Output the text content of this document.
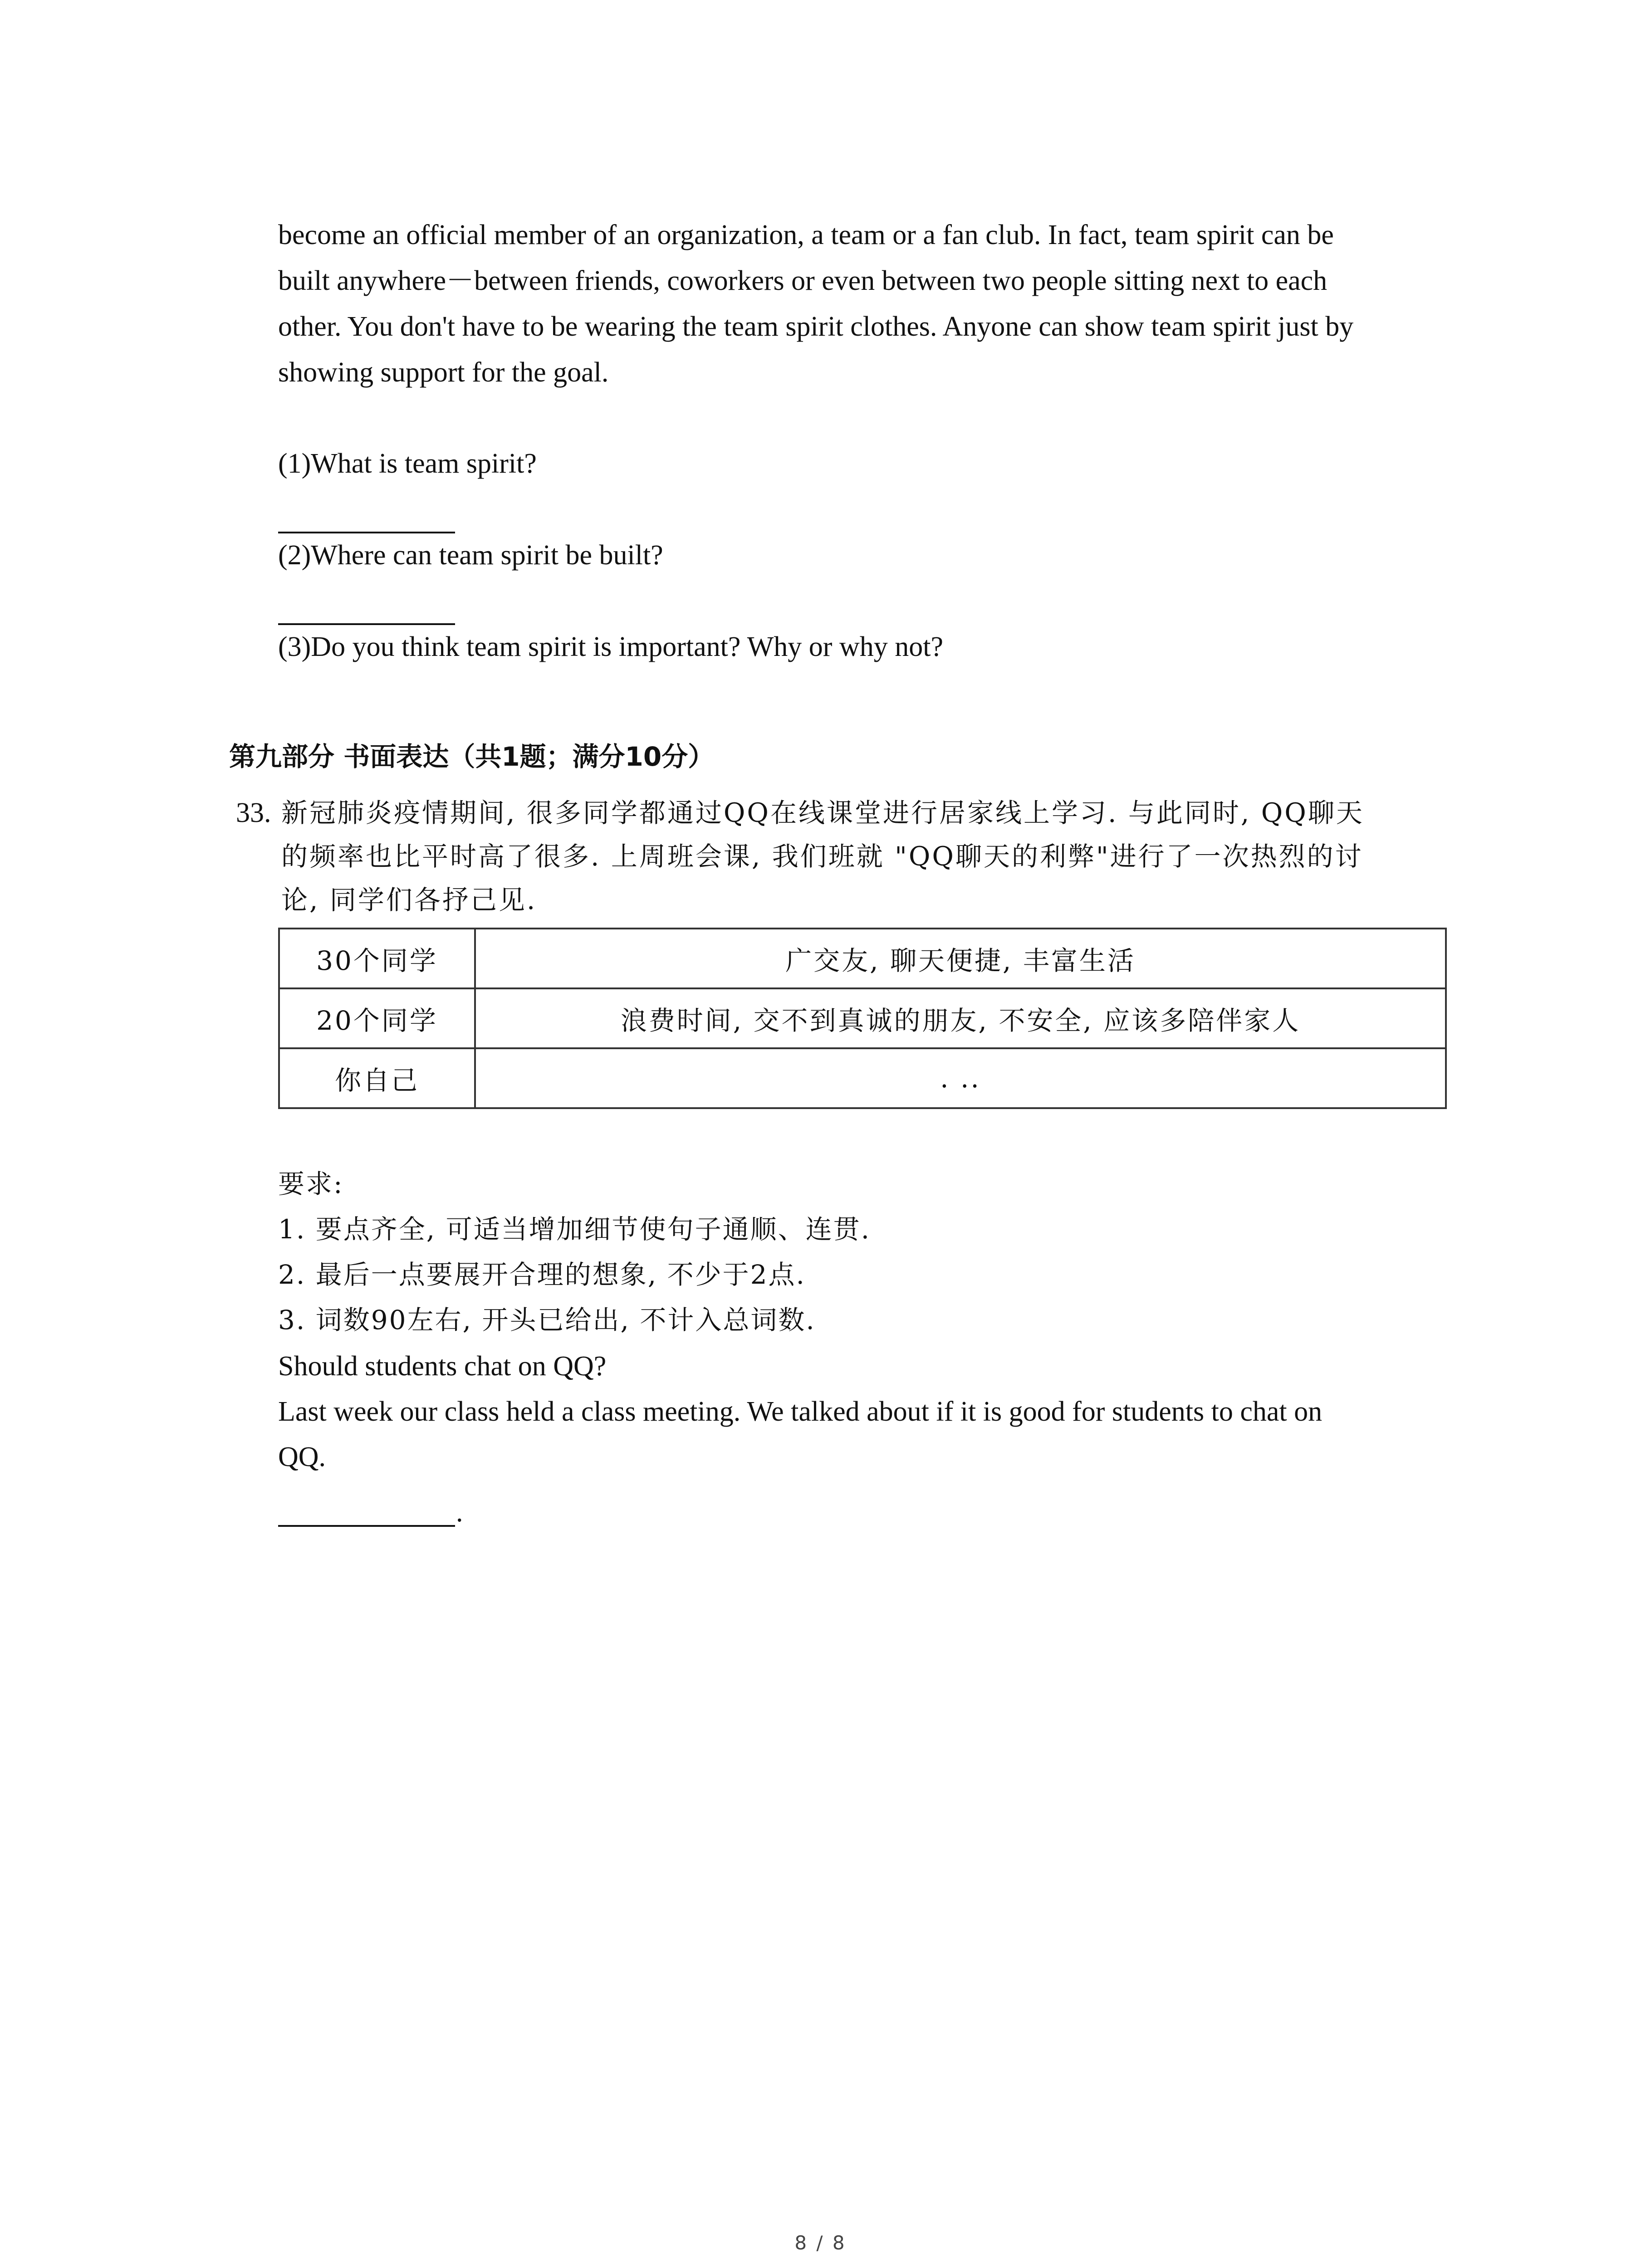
become an official member of an organization, a team or a fan club. In fact, team spirit can be
built anywhere－between friends, coworkers or even between two people sitting next to each
other. You don't have to be wearing the team spirit clothes. Anyone can show team spirit just by
showing support for the goal.
(1)What is team spirit?
(2)Where can team spirit be built?
(3)Do you think team spirit is important? Why or why not?
第九部分 书面表达（共1题；满分10分）
33. 新冠肺炎疫情期间, 很多同学都通过QQ在线课堂进行居家线上学习. 与此同时, QQ聊天
的频率也比平时高了很多. 上周班会课, 我们班就 "QQ聊天的利弊"进行了一次热烈的讨
论, 同学们各抒己见.
30个同学	广交友, 聊天便捷, 丰富生活
20个同学	浪费时间, 交不到真诚的朋友, 不安全, 应该多陪伴家人
你自己	. ..
要求:
1. 要点齐全, 可适当增加细节使句子通顺、连贯.
2. 最后一点要展开合理的想象, 不少于2点.
3. 词数90左右, 开头已给出, 不计入总词数.
Should students chat on QQ?
Last week our class held a class meeting. We talked about if it is good for students to chat on
QQ.
.
8 / 8
